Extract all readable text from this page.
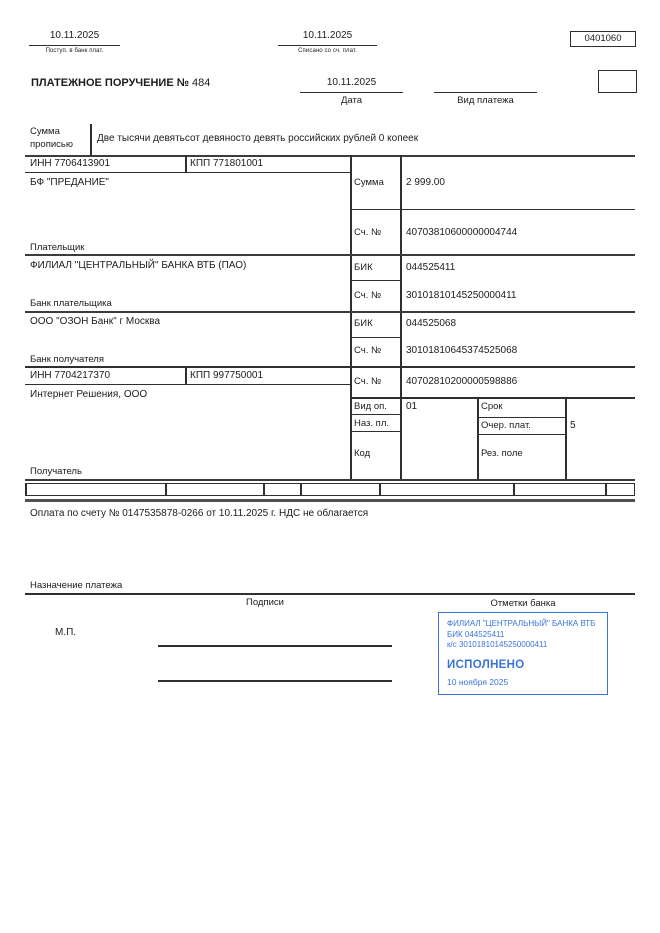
10.11.2025
Поступ. в банк плат.
10.11.2025
Списано со сч. плат.
0401060
ПЛАТЕЖНОЕ ПОРУЧЕНИЕ № 484	10.11.2025
Дата	Вид платежа
Сумма
прописью
Две тысячи девятьсот девяносто девять российских рублей 0 копеек
ИНН 7706413901	КПП 771801001
БФ "ПРЕДАНИЕ"
Плательщик
Сумма 2 999.00
Сч. № 40703810600000004744
ФИЛИАЛ "ЦЕНТРАЛЬНЫЙ" БАНКА ВТБ (ПАО)
Банк плательщика
БИК	044525411
Сч. № 30101810145250000411
ООО "ОЗОН Банк" г Москва
Банк получателя
БИК	044525068
Сч. № 30101810645374525068
ИНН 7704217370	КПП 997750001
Интернет Решения, ООО
Получатель
Сч. № 40702810200000598886
Вид оп. 01	Срок
Наз. пл.	Очер. плат.	5
Код	Рез. поле
Оплата по счету № 0147535878-0266 от 10.11.2025 г. НДС не облагается
Назначение платежа
Подписи	Отметки банка
ФИЛИАЛ "ЦЕНТРАЛЬНЫЙ" БАНКА ВТБ
БИК 044525411
к/с 30101810145250000411
ИСПОЛНЕНО
10 ноября 2025
М.П.
